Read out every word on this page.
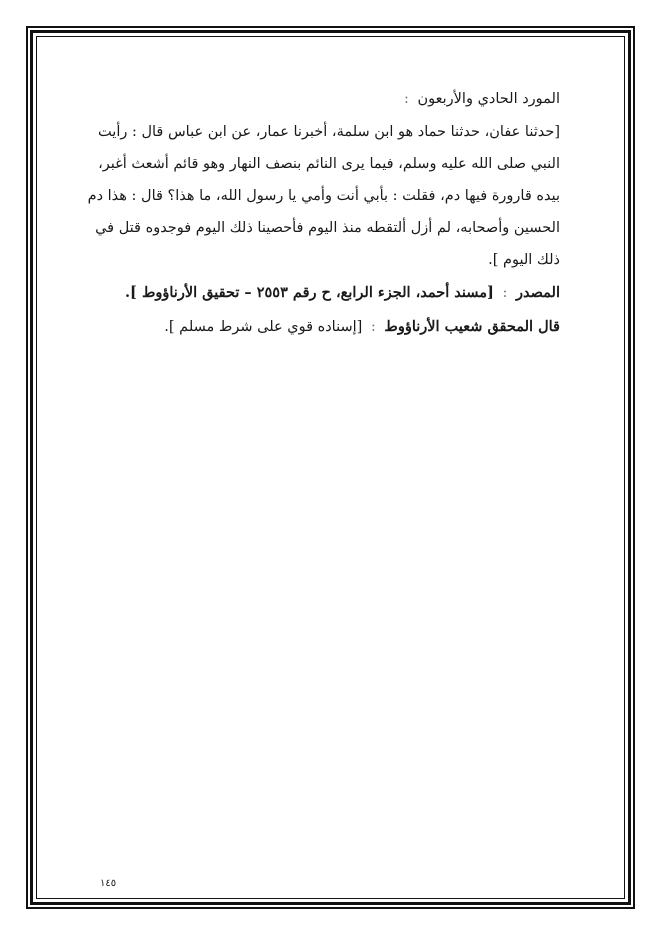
المورد الحادي والأربعون :
[حدثنا عفان، حدثنا حماد هو ابن سلمة، أخبرنا عمار، عن ابن عباس قال : رأيت
النبي صلى الله عليه وسلم، فيما يرى النائم بنصف النهار وهو قائم أشعث أغبر،
بيده قارورة فيها دم، فقلت : بأبي أنت وأمي يا رسول الله، ما هذا؟ قال : هذا دم
الحسين وأصحابه، لم أزل ألتقطه منذ اليوم فأحصينا ذلك اليوم فوجدوه قتل في
ذلك اليوم ].
المصدر : [مسند أحمد، الجزء الرابع، ح رقم ٢٥٥٣ – تحقيق الأرناؤوط ].
قال المحقق شعيب الأرناؤوط : [إسناده قوي على شرط مسلم ].
١٤٥
